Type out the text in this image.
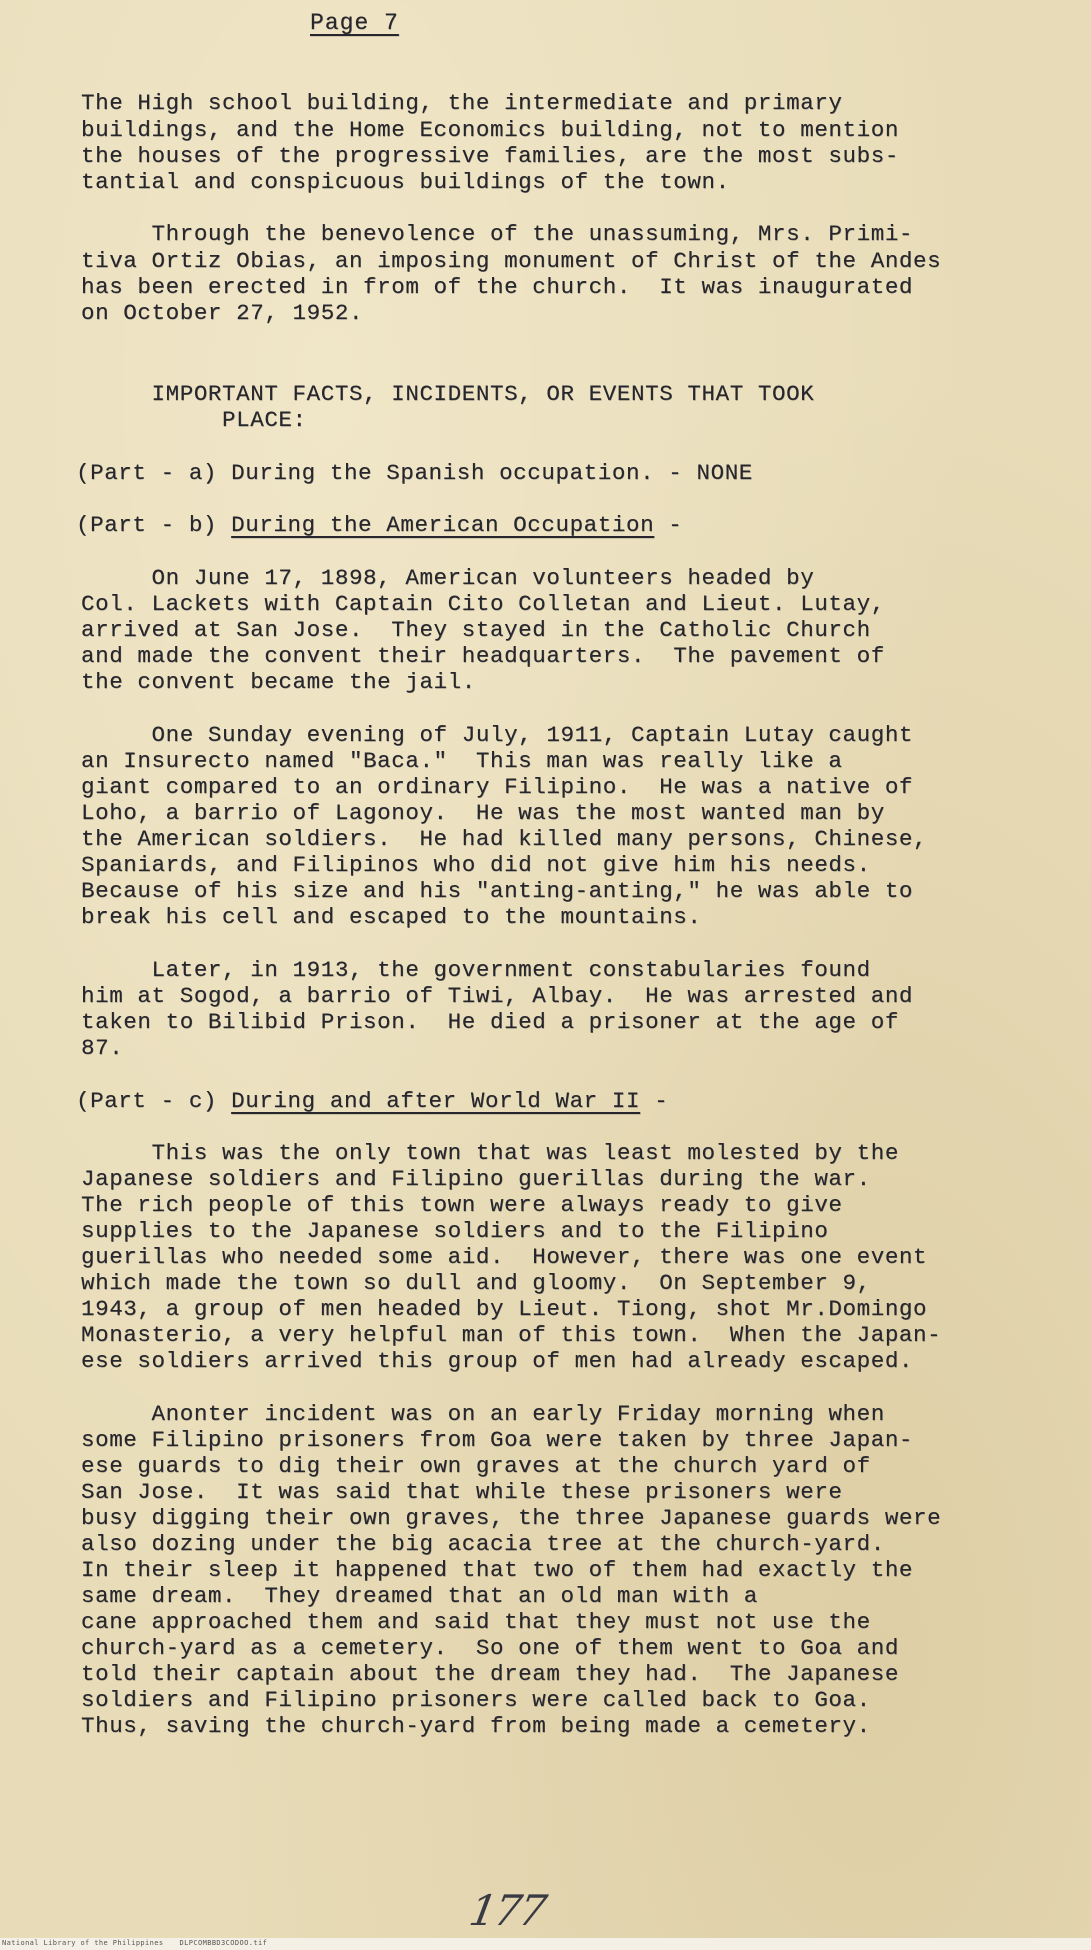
Page 7
The High school building, the intermediate and primary
buildings, and the Home Economics building, not to mention
the houses of the progressive families, are the most subs-
tantial and conspicuous buildings of the town.
Through the benevolence of the unassuming, Mrs. Primi-
tiva Ortiz Obias, an imposing monument of Christ of the Andes
has been erected in from of the church.  It was inaugurated
on October 27, 1952.
IMPORTANT FACTS, INCIDENTS, OR EVENTS THAT TOOK
PLACE:
(Part - a) During the Spanish occupation. - NONE
(Part - b) During the American Occupation -
On June 17, 1898, American volunteers headed by
Col. Lackets with Captain Cito Colletan and Lieut. Lutay,
arrived at San Jose.  They stayed in the Catholic Church
and made the convent their headquarters.  The pavement of
the convent became the jail.
One Sunday evening of July, 1911, Captain Lutay caught
an Insurecto named "Baca."  This man was really like a
giant compared to an ordinary Filipino.  He was a native of
Loho, a barrio of Lagonoy.  He was the most wanted man by
the American soldiers.  He had killed many persons, Chinese,
Spaniards, and Filipinos who did not give him his needs.
Because of his size and his "anting-anting," he was able to
break his cell and escaped to the mountains.
Later, in 1913, the government constabularies found
him at Sogod, a barrio of Tiwi, Albay.  He was arrested and
taken to Bilibid Prison.  He died a prisoner at the age of
87.
(Part - c) During and after World War II -
This was the only town that was least molested by the
Japanese soldiers and Filipino guerillas during the war.
The rich people of this town were always ready to give
supplies to the Japanese soldiers and to the Filipino
guerillas who needed some aid.  However, there was one event
which made the town so dull and gloomy.  On September 9,
1943, a group of men headed by Lieut. Tiong, shot Mr.Domingo
Monasterio, a very helpful man of this town.  When the Japan-
ese soldiers arrived this group of men had already escaped.
Anonter incident was on an early Friday morning when
some Filipino prisoners from Goa were taken by three Japan-
ese guards to dig their own graves at the church yard of
San Jose.  It was said that while these prisoners were
busy digging their own graves, the three Japanese guards were
also dozing under the big acacia tree at the church-yard.
In their sleep it happened that two of them had exactly the
same dream.  They dreamed that an old man with a
cane approached them and said that they must not use the
church-yard as a cemetery.  So one of them went to Goa and
told their captain about the dream they had.  The Japanese
soldiers and Filipino prisoners were called back to Goa.
Thus, saving the church-yard from being made a cemetery.
177
National Library of the Philippines DLPCOMBBD3CODOO.tif
